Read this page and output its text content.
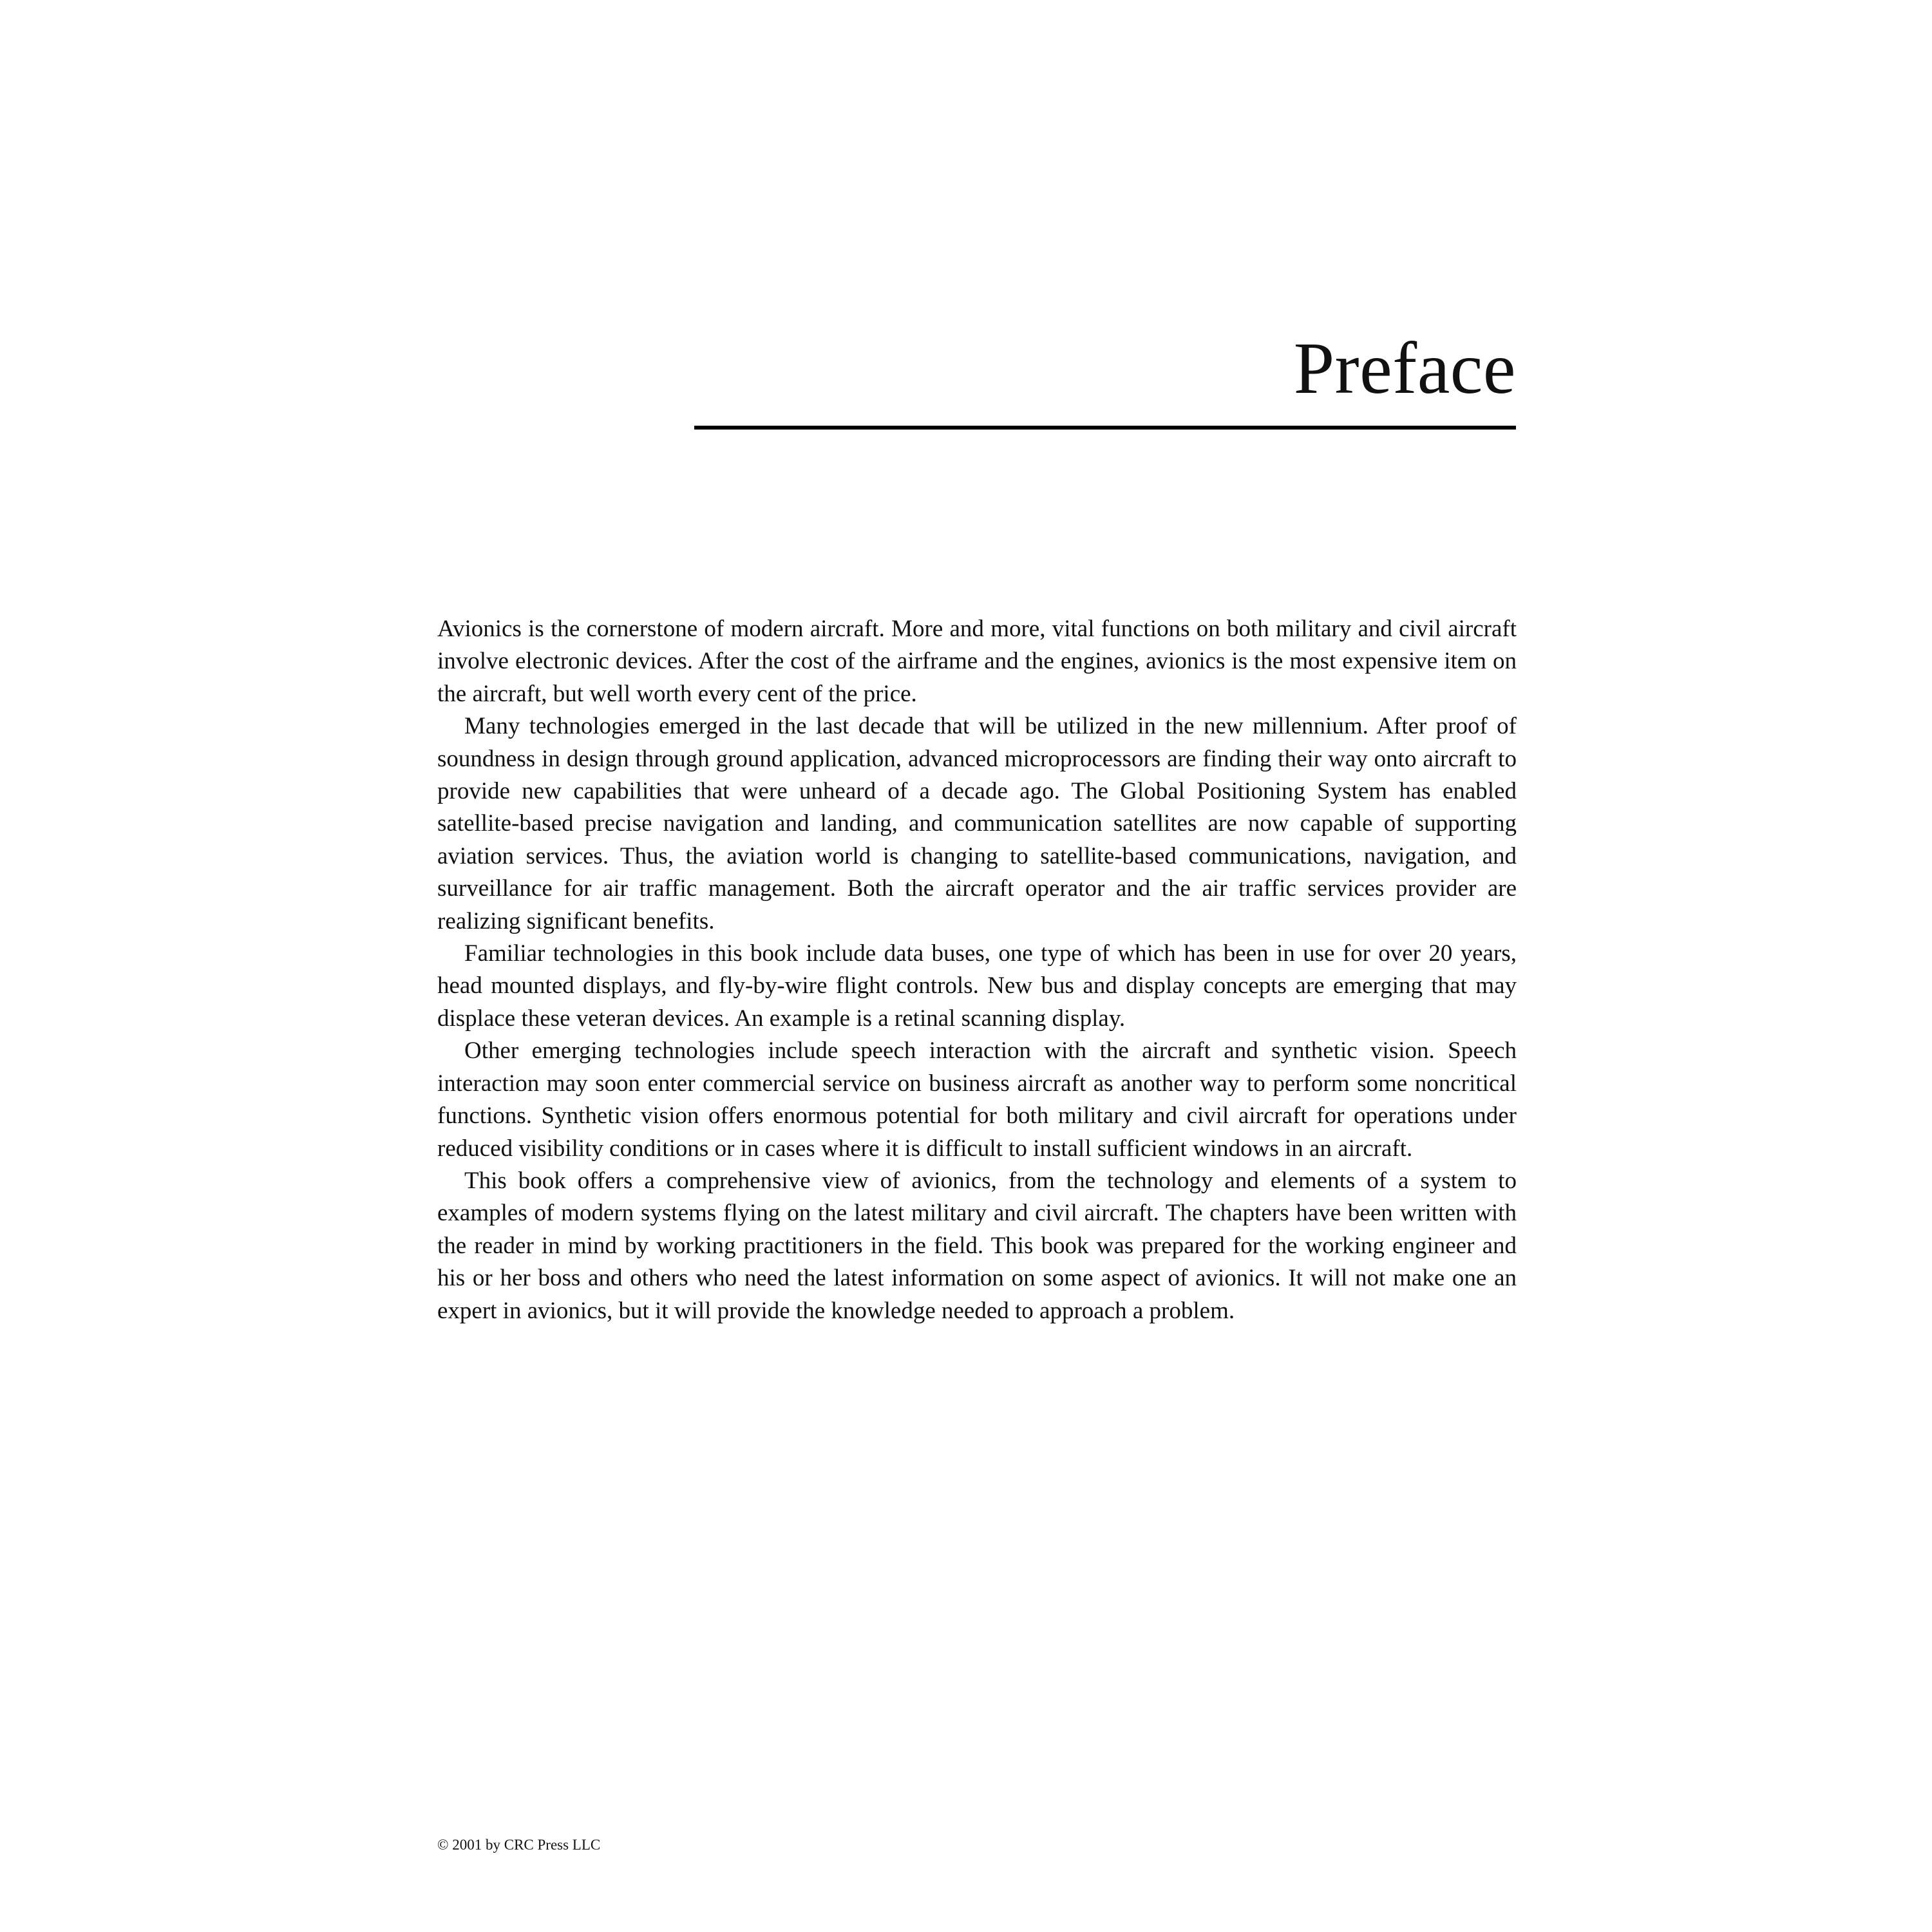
Preface

Avionics is the cornerstone of modern aircraft. More and more, vital functions on both military and civil aircraft involve electronic devices. After the cost of the airframe and the engines, avionics is the most expensive item on the aircraft, but well worth every cent of the price.

Many technologies emerged in the last decade that will be utilized in the new millennium. After proof of soundness in design through ground application, advanced microprocessors are finding their way onto aircraft to provide new capabilities that were unheard of a decade ago. The Global Positioning System has enabled satellite-based precise navigation and landing, and communication satellites are now capable of supporting aviation services. Thus, the aviation world is changing to satellite-based communications, navigation, and surveillance for air traffic management. Both the aircraft operator and the air traffic services provider are realizing significant benefits.

Familiar technologies in this book include data buses, one type of which has been in use for over 20 years, head mounted displays, and fly-by-wire flight controls. New bus and display concepts are emerging that may displace these veteran devices. An example is a retinal scanning display.

Other emerging technologies include speech interaction with the aircraft and synthetic vision. Speech interaction may soon enter commercial service on business aircraft as another way to perform some noncritical functions. Synthetic vision offers enormous potential for both military and civil aircraft for operations under reduced visibility conditions or in cases where it is difficult to install sufficient windows in an aircraft.

This book offers a comprehensive view of avionics, from the technology and elements of a system to examples of modern systems flying on the latest military and civil aircraft. The chapters have been written with the reader in mind by working practitioners in the field. This book was prepared for the working engineer and his or her boss and others who need the latest information on some aspect of avionics. It will not make one an expert in avionics, but it will provide the knowledge needed to approach a problem.

© 2001 by CRC Press LLC
